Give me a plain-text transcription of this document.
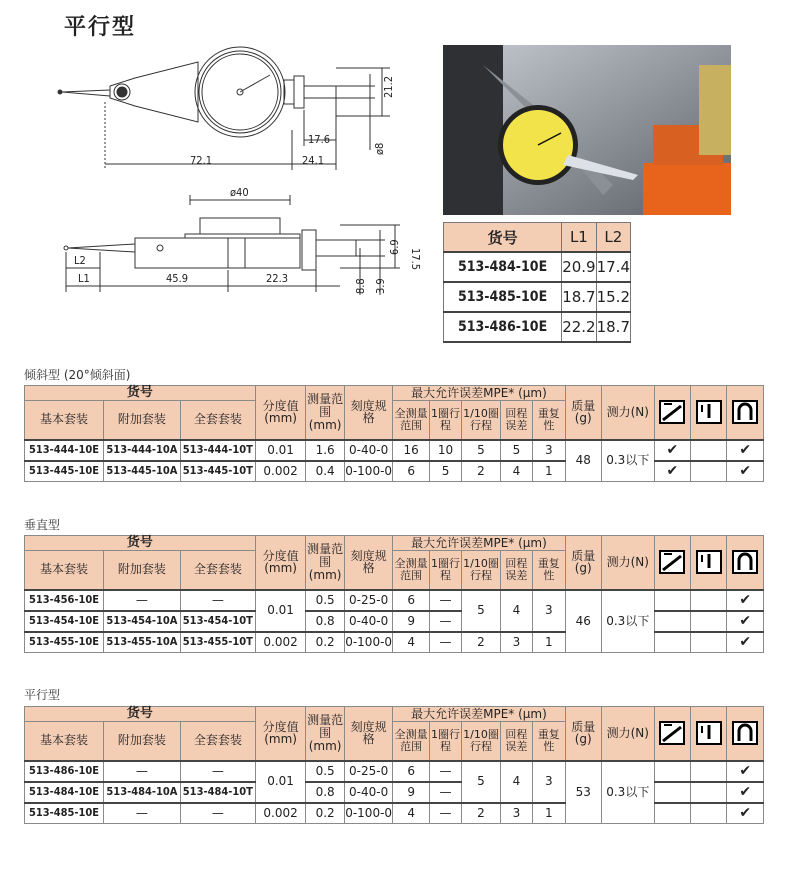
平行型
21.2
17.6
ø8
24.1
72.1
ø40
17.5
6.9
L2
L1	45.9	22.3	8.8 3.9
货号	L1	L2
513-484-10E	20.9	17.4
513-485-10E	18.7	15.2
513-486-10E	22.2	18.7
倾斜型 (20°倾斜面)
货号			分度值(mm)	测量范围(mm)	刻度规格	最大允许误差MPE* (μm)					质量(g)	测力(N)	

基本套装	附加套装	全套套装				全测量范围	1圈行程	1/10圈行程	回程误差	重复性					
513-444-10E	513-444-10A	513-444-10T	0.01	1.6	0-40-0	16	10	5	5	3	48	0.3以下	✔		✔
513-445-10E	513-445-10A	513-445-10T	0.002	0.4	0-100-0	6	5	2	4	1			✔		✔
垂直型
货号			分度值(mm)	测量范围(mm)	刻度规格	最大允许误差MPE* (μm)					质量(g)	测力(N)	

基本套装	附加套装	全套套装				全测量范围	1圈行程	1/10圈行程	回程误差	重复性					
513-456-10E	—	—	0.01	0.5	0-25-0	6	—	5	4	3	46	0.3以下			✔
513-454-10E	513-454-10A	513-454-10T		0.8	0-40-0	9	—								✔
513-455-10E	513-455-10A	513-455-10T	0.002	0.2	0-100-0	4	—	2	3	1					✔
平行型
货号			分度值(mm)	测量范围(mm)	刻度规格	最大允许误差MPE* (μm)					质量(g)	测力(N)	

基本套装	附加套装	全套套装				全测量范围	1圈行程	1/10圈行程	回程误差	重复性					
513-486-10E	—	—	0.01	0.5	0-25-0	6	—	5	4	3	53	0.3以下			✔
513-484-10E	513-484-10A	513-484-10T		0.8	0-40-0	9	—								✔
513-485-10E	—	—	0.002	0.2	0-100-0	4	—	2	3	1					✔
